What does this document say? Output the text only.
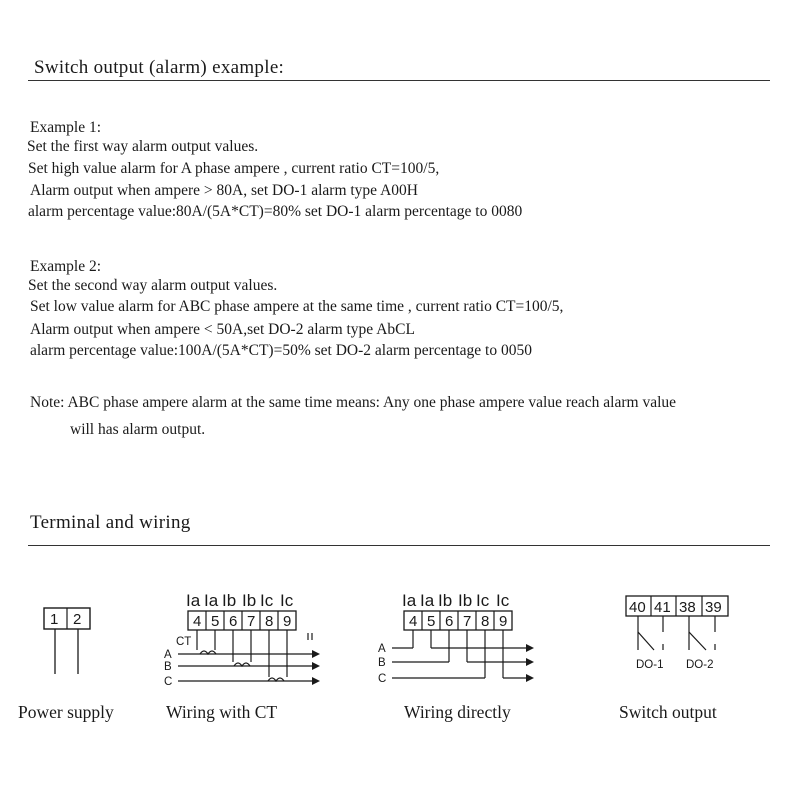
Switch output (alarm) example:
Example 1:
Set the first way alarm output values.
Set high value alarm for A phase ampere , current ratio CT=100/5,
Alarm output when ampere > 80A, set DO-1 alarm type A00H
alarm percentage value:80A/(5A*CT)=80% set DO-1 alarm percentage to 0080
Example 2:
Set the second way alarm output values.
Set low value alarm for ABC phase ampere at the same time , current ratio CT=100/5,
Alarm output when ampere < 50A,set DO-2 alarm type AbCL
alarm percentage value:100A/(5A*CT)=50% set DO-2 alarm percentage to 0050
Note: ABC phase ampere alarm at the same time means: Any one phase ampere value reach alarm value
will has alarm output.
Terminal and wiring
1 2
Power supply
Ia Ia Ib Ib Ic Ic
4 5 6 7 8 9
CT
A
B
C
Wiring with CT
Ia Ia Ib Ib Ic Ic
4 5 6 7 8 9
A
B
C
Wiring directly
40 41 38 39
DO-1 DO-2
Switch output
